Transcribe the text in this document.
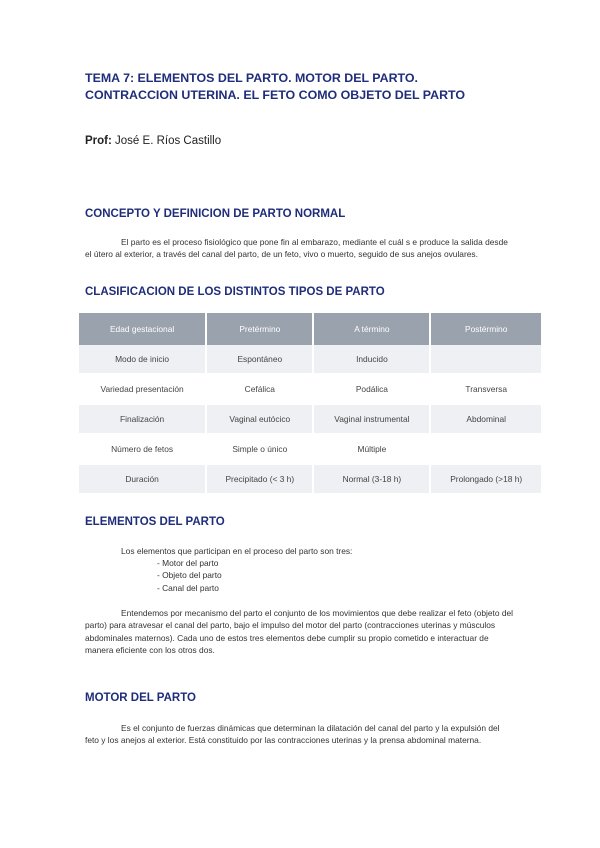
TEMA 7: ELEMENTOS DEL PARTO. MOTOR DEL PARTO. CONTRACCION UTERINA. EL FETO COMO OBJETO DEL PARTO
Prof: José E. Ríos Castillo
CONCEPTO Y DEFINICION DE PARTO NORMAL
El parto es el proceso fisiológico que pone fin al embarazo, mediante el cuál s e produce la salida desde el útero al exterior, a través del canal del parto, de un feto, vivo o muerto, seguido de sus anejos ovulares.
CLASIFICACION DE LOS DISTINTOS TIPOS DE PARTO
Edad gestacional	Pretérmino	A término	Postérmino
Modo de inicio	Espontáneo	Inducido	
Variedad presentación	Cefálica	Podálica	Transversa
Finalización	Vaginal eutócico	Vaginal instrumental	Abdominal
Número de fetos	Simple o único	Múltiple	
Duración	Precipitado (< 3 h)	Normal (3-18 h)	Prolongado (>18 h)
ELEMENTOS DEL PARTO
Los elementos que participan en el proceso del parto son tres:
- Motor del parto
- Objeto del parto
- Canal del parto
Entendemos por mecanismo del parto el conjunto de los movimientos que debe realizar el feto (objeto del parto) para atravesar el canal del parto, bajo el impulso del motor del parto (contracciones uterinas y músculos abdominales maternos). Cada uno de estos tres elementos debe cumplir su propio cometido e interactuar de manera eficiente con los otros dos.
MOTOR DEL PARTO
Es el conjunto de fuerzas dinámicas que determinan la dilatación del canal del parto y la expulsión del feto y los anejos al exterior. Está constituido por las contracciones uterinas y la prensa abdominal materna.
